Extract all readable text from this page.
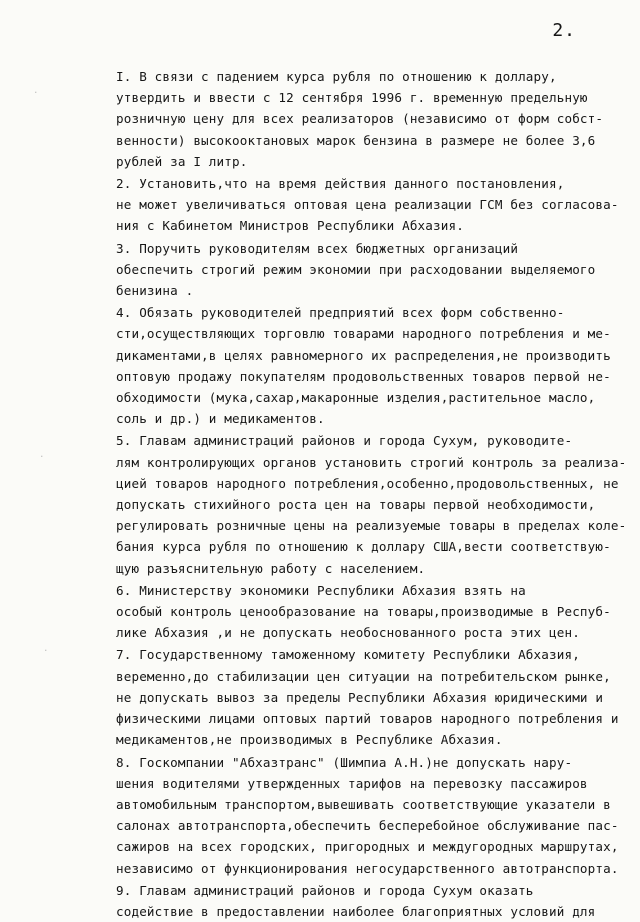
2.
·
·
·
I. В связи с падением курса рубля по отношению к доллару,
утвердить и ввести с 12 сентября 1996 г. временную предельную
розничную цену для всех реализаторов (независимо от форм собст-
венности) высокооктановых марок бензина в размере не более 3,6
рублей за I литр.
2. Установить,что на время действия данного постановления,
не может увеличиваться оптовая цена реализации ГСМ без согласова-
ния с Кабинетом Министров Республики Абхазия.
3. Поручить руководителям всех бюджетных организаций
обеспечить строгий режим экономии при расходовании выделяемого
бенизина .
4. Обязать руководителей предприятий всех форм собственно-
сти,осуществляющих торговлю товарами народного потребления и ме-
дикаментами,в целях равномерного их распределения,не производить
оптовую продажу покупателям продовольственных товаров первой не-
обходимости (мука,сахар,макаронные изделия,растительное масло,
соль и др.) и медикаментов.
5. Главам администраций районов и города Сухум, руководите-
лям контролирующих органов установить строгий контроль за реализа-
цией товаров народного потребления,особенно,продовольственных, не
допускать стихийного роста цен на товары первой необходимости,
регулировать розничные цены на реализуемые товары в пределах коле-
бания курса рубля по отношению к доллару США,вести соответствую-
щую разъяснительную работу с населением.
6. Министерству экономики Республики Абхазия взять на
особый контроль ценообразование на товары,производимые в Респуб-
лике Абхазия ,и не допускать необоснованного роста этих цен.
7. Государственному таможенному комитету Республики Абхазия,
веременно,до стабилизации цен ситуации на потребительском рынке,
не допускать вывоз за пределы Республики Абхазия юридическими и
физическими лицами оптовых партий товаров народного потребления и
медикаментов,не производимых в Республике Абхазия.
8. Госкомпании "Абхазтранс" (Шимпиа А.Н.)не допускать нару-
шения водителями утвержденных тарифов на перевозку пассажиров
автомобильным транспортом,вывешивать соответствующие указатели в
салонах автотранспорта,обеспечить бесперебойное обслуживание пас-
сажиров на всех городских, пригородных и междугородных маршрутах,
независимо от функционирования негосударственного автотранспорта.
9. Главам администраций районов и города Сухум оказать
содействие в предоставлении наиболее благоприятных условий для
